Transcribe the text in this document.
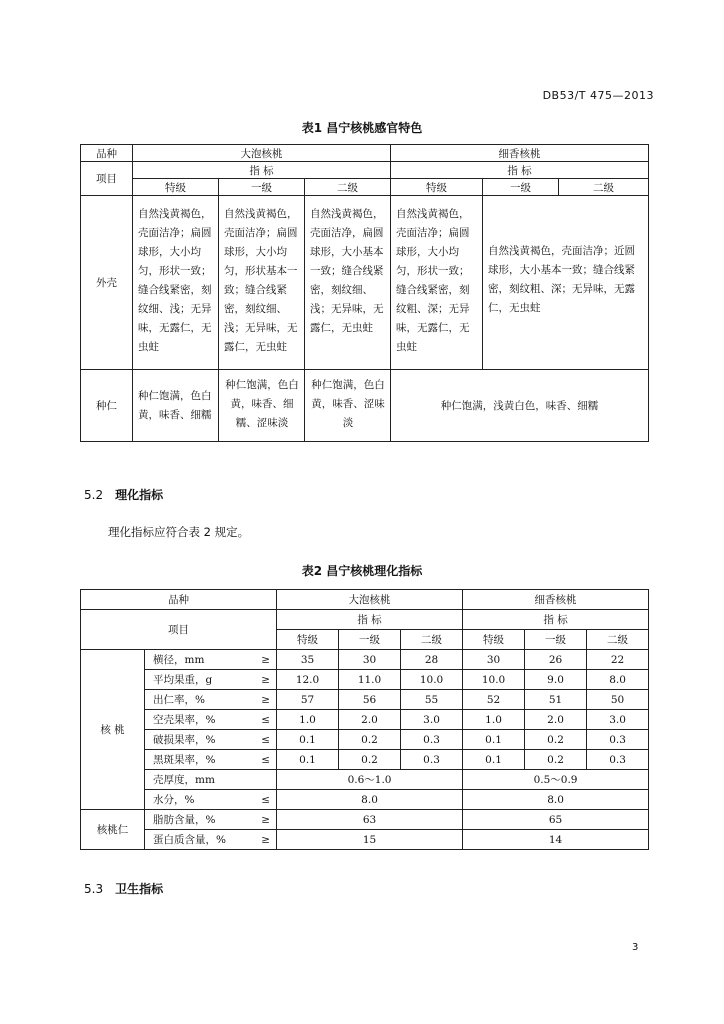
DB53/T 475—2013
表1 昌宁核桃感官特色
品种	大泡核桃			细香核桃		
项目	指 标			指 标		
	特级	一级	二级	特级	一级	二级
外壳	自然浅黄褐色，壳面洁净；扁圆球形，大小均匀，形状一致；缝合线紧密，刻纹细、浅；无异味，无露仁，无虫蛀	自然浅黄褐色，壳面洁净；扁圆球形，大小均匀，形状基本一致；缝合线紧密，刻纹细、浅；无异味，无露仁，无虫蛀	自然浅黄褐色，壳面洁净，扁圆球形，大小基本一致；缝合线紧密，刻纹细、浅；无异味，无露仁，无虫蛀	自然浅黄褐色，壳面洁净；扁圆球形，大小均匀，形状一致；缝合线紧密，刻纹粗、深；无异味，无露仁，无虫蛀	自然浅黄褐色，壳面洁净；近圆球形，大小基本一致；缝合线紧密，刻纹粗、深；无异味，无露仁，无虫蛀	
种仁	种仁饱满，色白黄，味香、细糯	种仁饱满，色白黄，味香、细糯、涩味淡	种仁饱满，色白黄，味香、涩味淡	种仁饱满，浅黄白色，味香、细糯		
5.2 理化指标
理化指标应符合表 2 规定。
表2 昌宁核桃理化指标
品种			大泡核桃			细香核桃		
项目			指 标			指 标		
			特级	一级	二级	特级	一级	二级
核 桃	横径，mm	≥	35	30	28	30	26	22
	平均果重，g	≥	12.0	11.0	10.0	10.0	9.0	8.0
	出仁率，%	≥	57	56	55	52	51	50
	空壳果率，%	≤	1.0	2.0	3.0	1.0	2.0	3.0
	破损果率，%	≤	0.1	0.2	0.3	0.1	0.2	0.3
	黑斑果率，%	≤	0.1	0.2	0.3	0.1	0.2	0.3
	壳厚度，mm		0.6～1.0			0.5～0.9		
	水分，%	≤	8.0			8.0		
核桃仁	脂肪含量，%	≥	63			65		
	蛋白质含量，%	≥	15			14		
5.3 卫生指标
3
